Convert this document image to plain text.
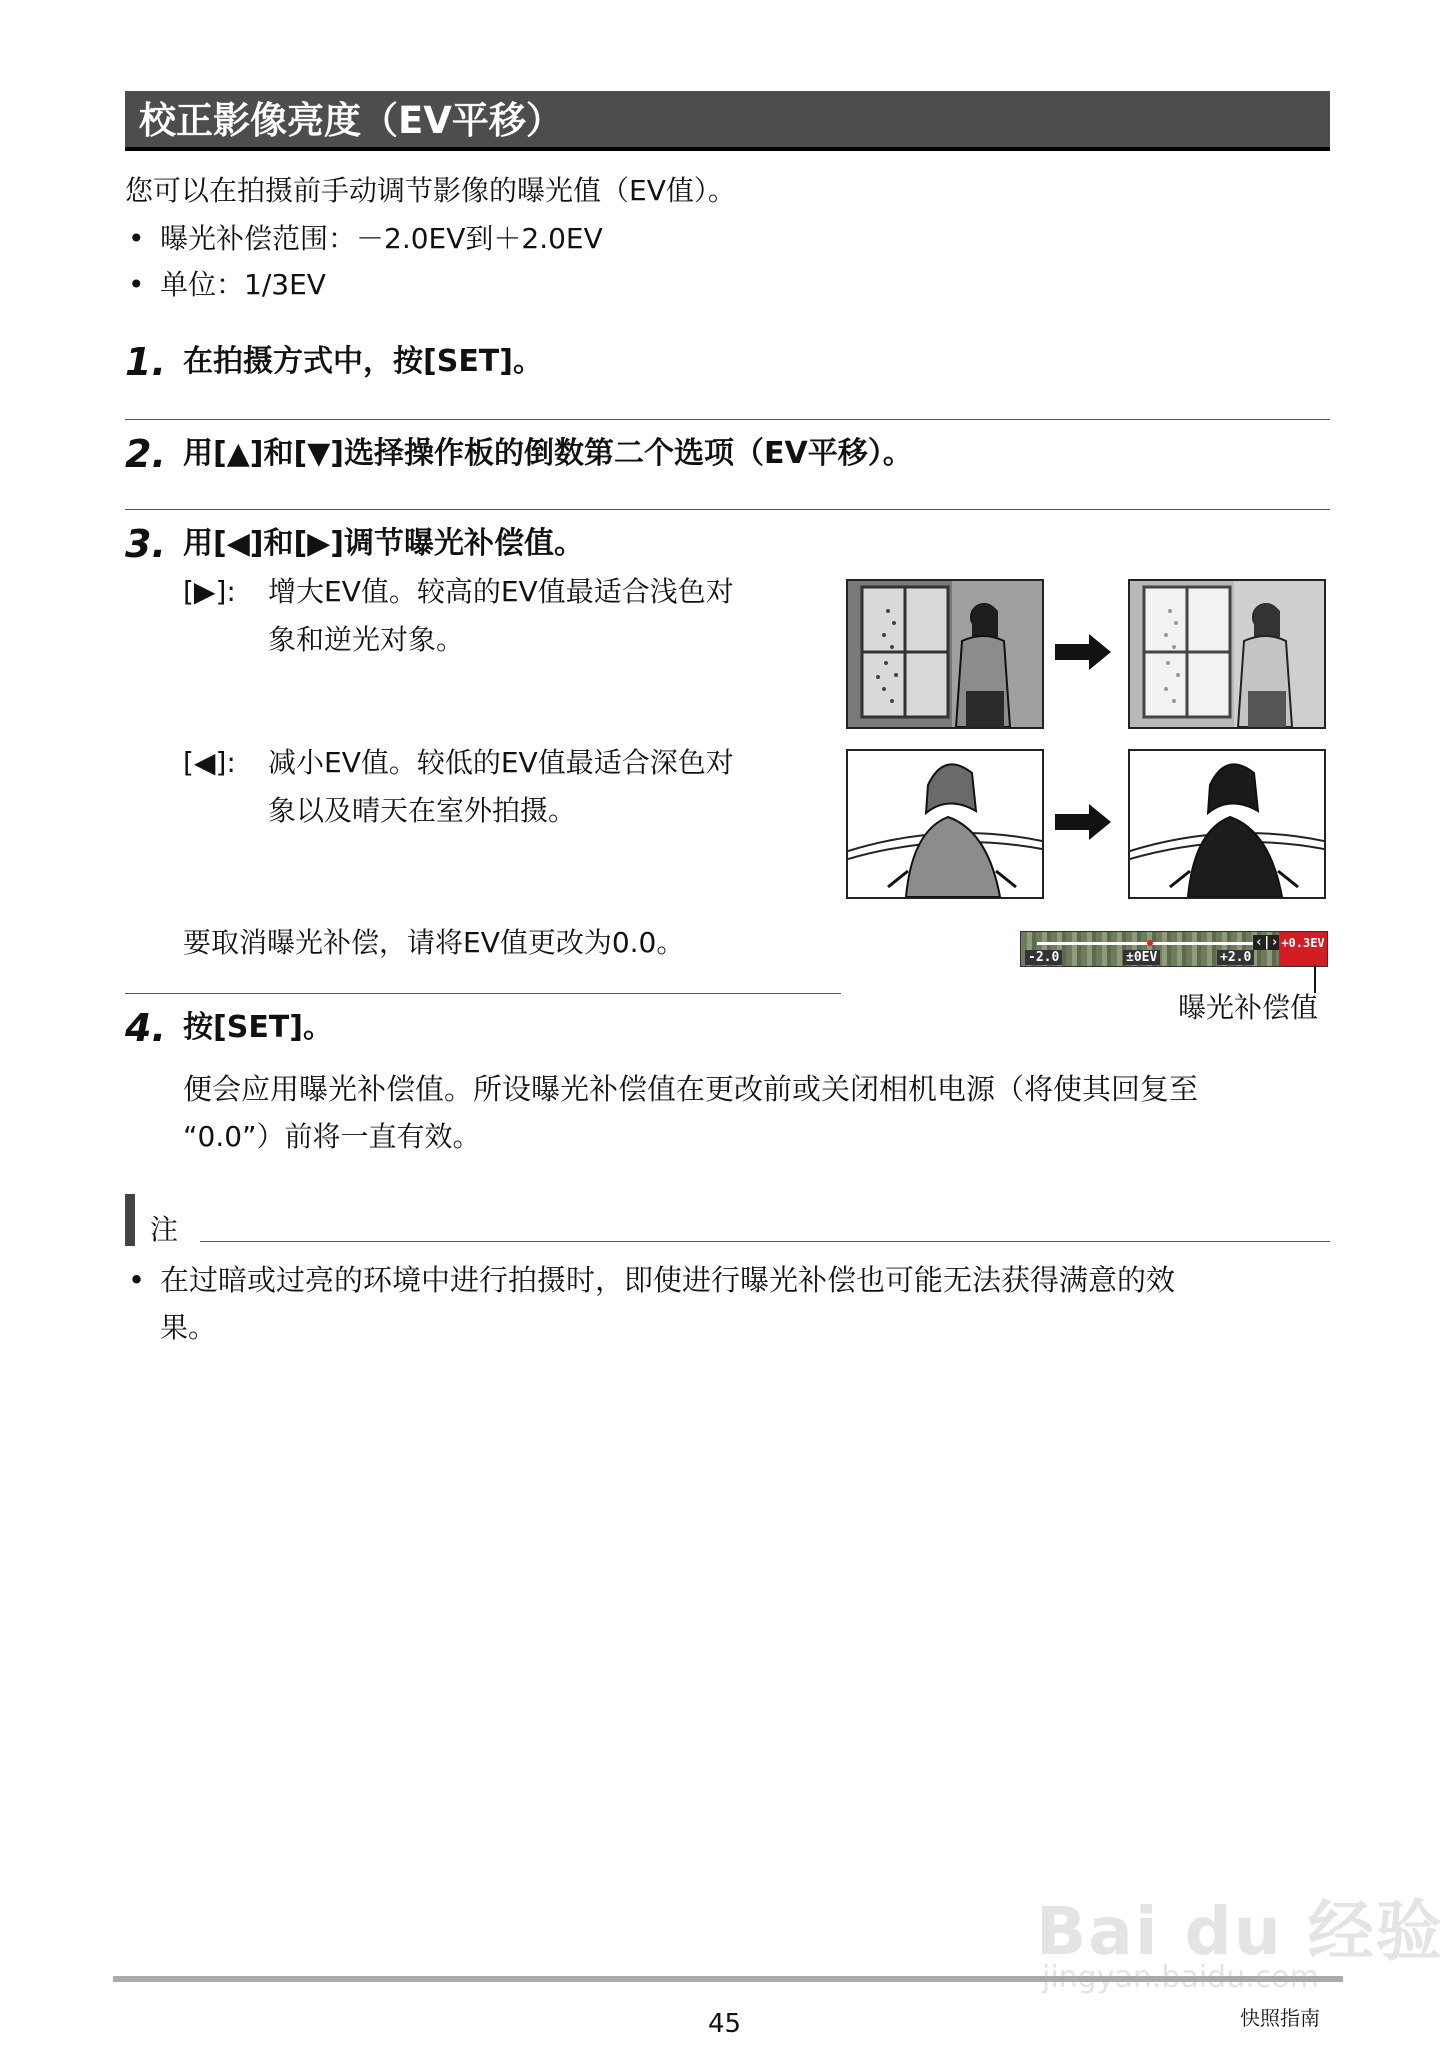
校正影像亮度（EV平移）
您可以在拍摄前手动调节影像的曝光值（EV值）。
• 曝光补偿范围：－2.0EV到＋2.0EV
• 单位：1/3EV
1. 在拍摄方式中，按[SET]。
2. 用[▲]和[▼]选择操作板的倒数第二个选项（EV平移）。
3. 用[◀]和[▶]调节曝光补偿值。
[▶]: 增大EV值。较高的EV值最适合浅色对
象和逆光对象。
[◀]: 减小EV值。较低的EV值最适合深色对
象以及晴天在室外拍摄。
要取消曝光补偿，请将EV值更改为0.0。	-2.0	±0EV	+2.0
‹|› +0.3EV
曝光补偿值
4. 按[SET]。
便会应用曝光补偿值。所设曝光补偿值在更改前或关闭相机电源（将使其回复至
“0.0”）前将一直有效。
注
• 在过暗或过亮的环境中进行拍摄时，即使进行曝光补偿也可能无法获得满意的效
果。
Bai du 经验
45	快照指南
